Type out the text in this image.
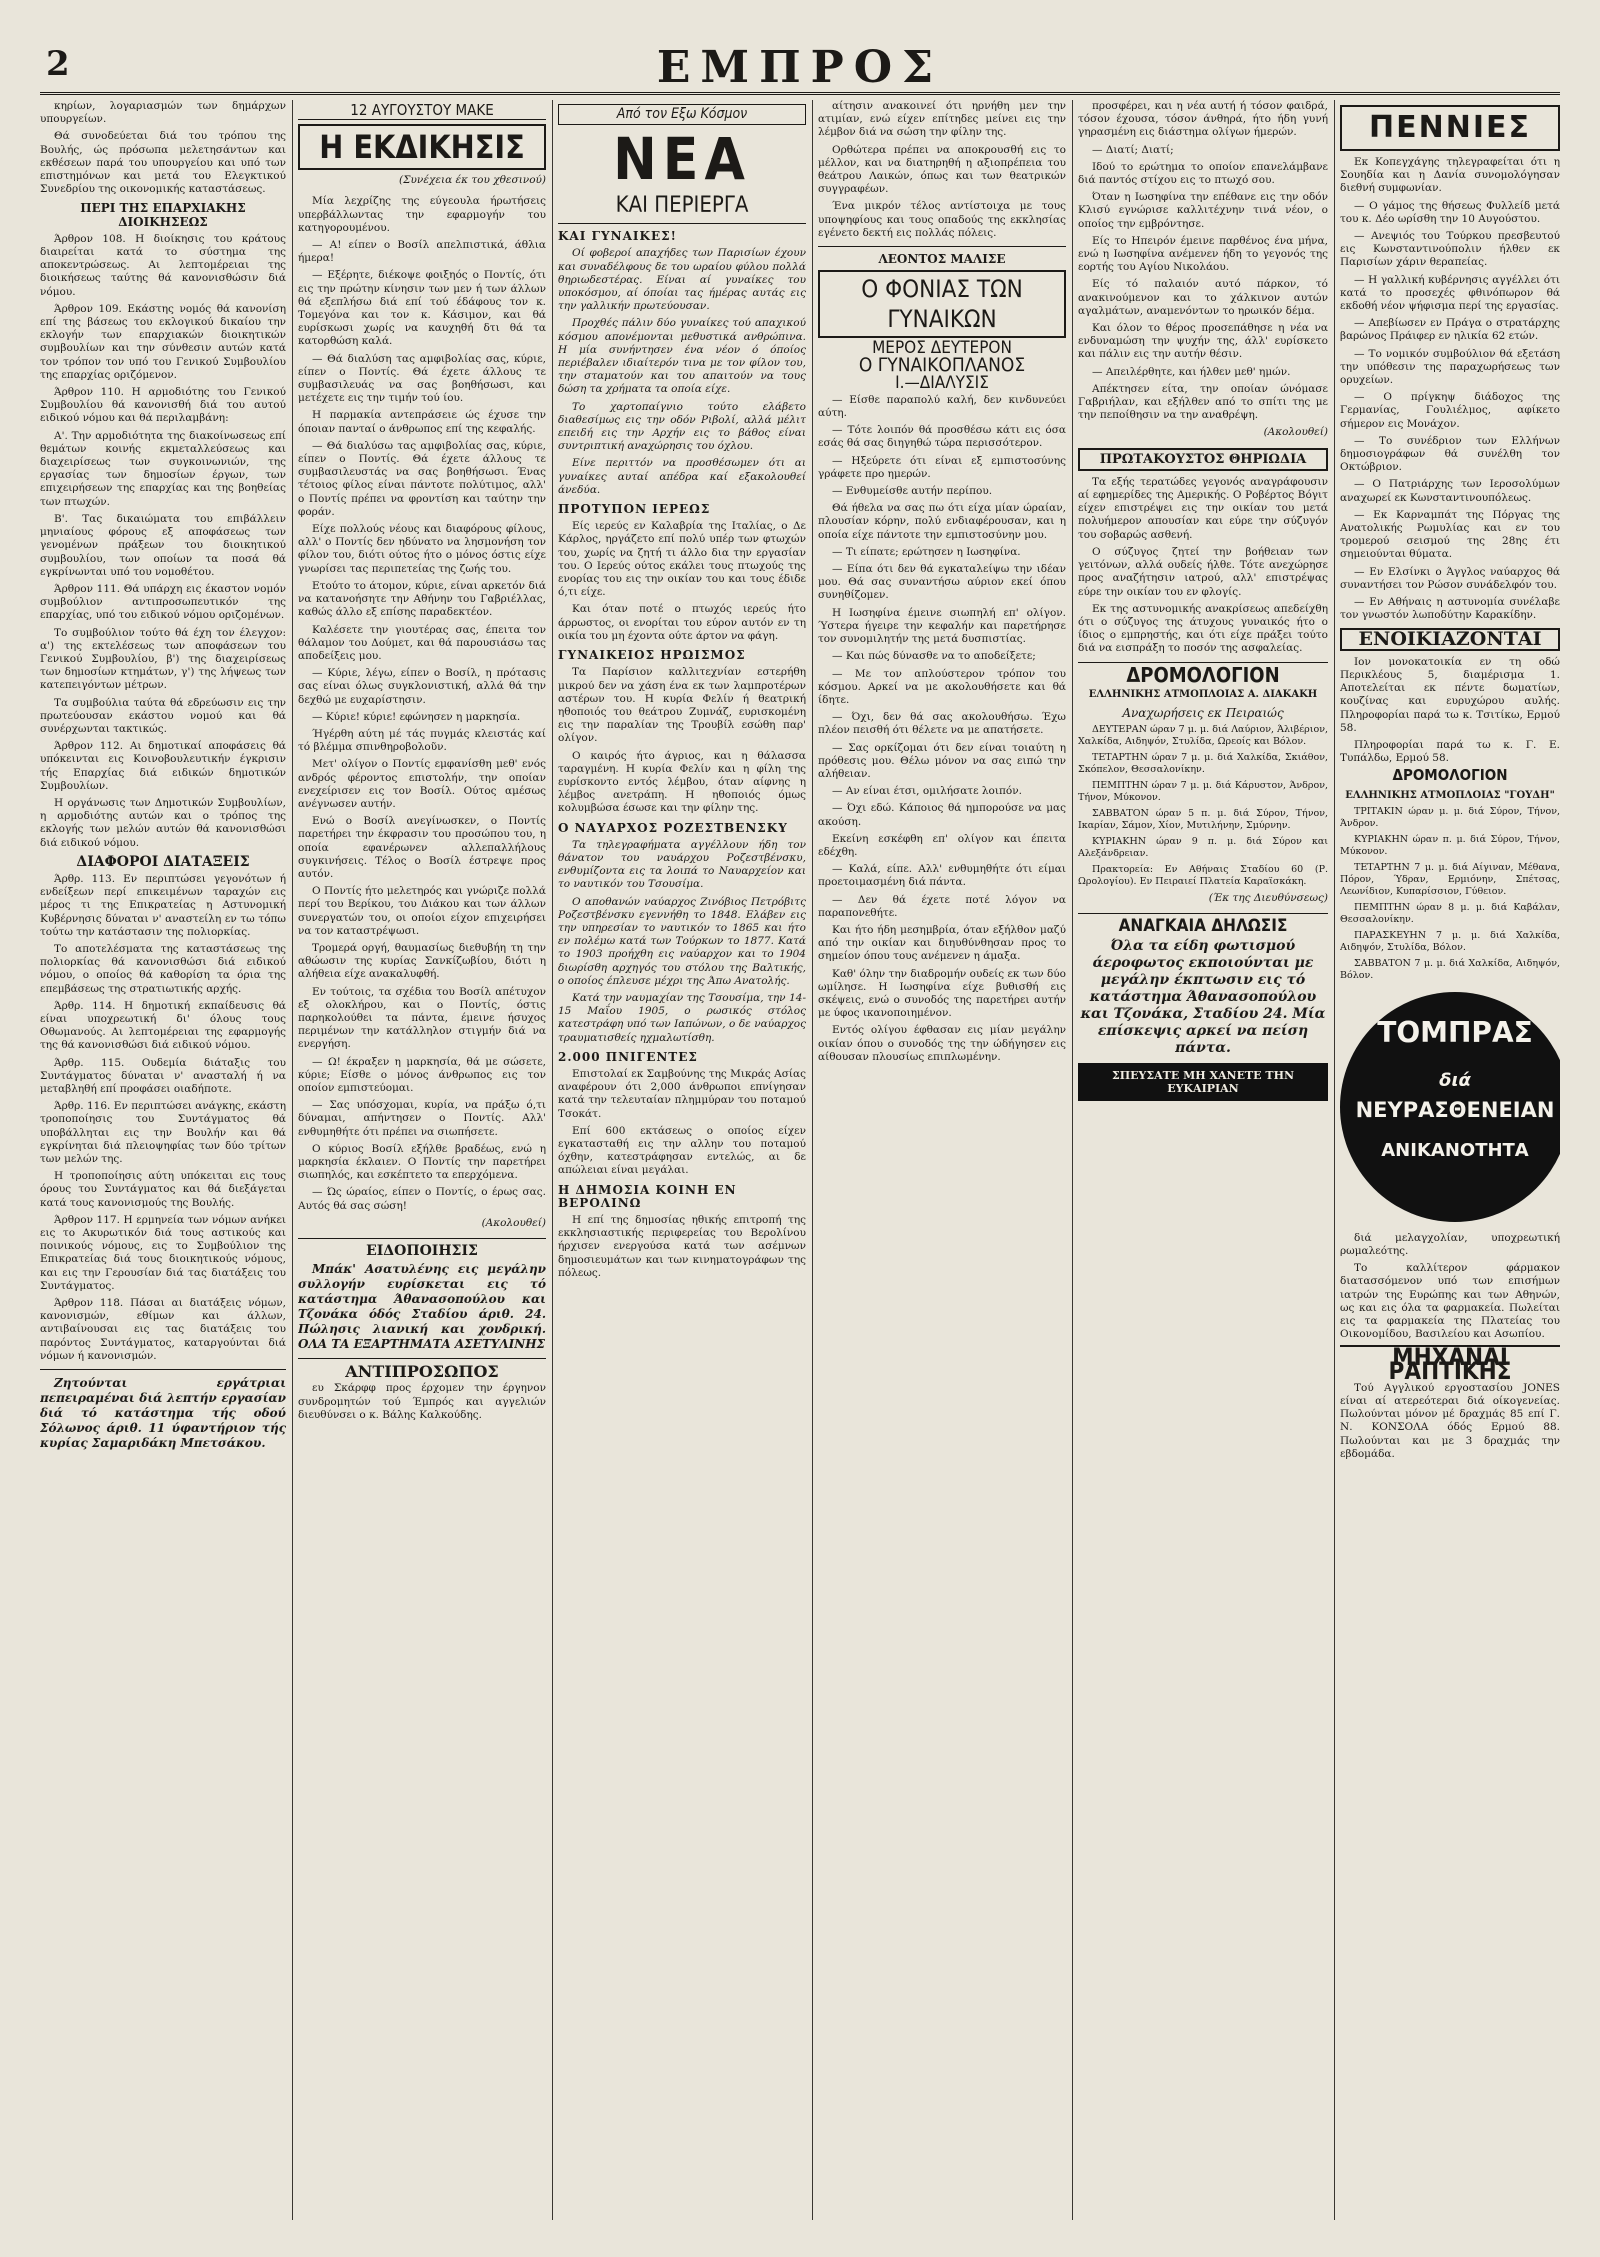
2	ΕΜΠΡΟΣ

κηρίων, λογαριασμών των δημάρχων υπουργείων.

Θά συνοδεύεται διά του τρόπου της Βουλής, ώς πρόσωπα μελετησάντων και εκθέσεων παρά του υπουργείου και υπό των επιστημόνων και μετά του Ελεγκτικού Συνεδρίου της οικονομικής καταστάσεως.

ΠΕΡΙ ΤΗΣ ΕΠΑΡΧΙΑΚΗΣ ΔΙΟΙΚΗΣΕΩΣ

Άρθρον 108. Η διοίκησις του κράτους διαιρείται κατά το σύστημα της αποκεντρώσεως. Αι λεπτομέρειαι της διοικήσεως ταύτης θά κανονισθώσιν διά νόμου.

Άρθρον 109. Εκάστης νομός θά κανονίση επί της βάσεως του εκλογικού δικαίου την εκλογήν των επαρχιακών διοικητικών συμβουλίων και την σύνθεσιν αυτών κατά τον τρόπον τον υπό του Γενικού Συμβουλίου της επαρχίας οριζόμενον.

Άρθρον 110. Η αρμοδιότης του Γενικού Συμβουλίου θά κανονισθή διά του αυτού ειδικού νόμου και θά περιλαμβάνη:

Α'. Την αρμοδιότητα της διακοίνωσεως επί θεμάτων κοινής εκμεταλλεύσεως και διαχειρίσεως των συγκοινωνιών, της εργασίας των δημοσίων έργων, των επιχειρήσεων της επαρχίας και της βοηθείας των πτωχών.

Β'. Τας δικαιώματα του επιβάλλειν μηνιαίους φόρους εξ αποφάσεως των γενομένων πράξεων του διοικητικού συμβουλίου, των οποίων τα ποσά θά εγκρίνωνται υπό του νομοθέτου.

Άρθρον 111. Θά υπάρχη εις έκαστον νομόν συμβούλιον αντιπροσωπευτικόν της επαρχίας, υπό του ειδικού νόμου οριζομένων.

Το συμβούλιον τούτο θά έχη τον έλεγχον: α') της εκτελέσεως των αποφάσεων του Γενικού Συμβουλίου, β') της διαχειρίσεως των δημοσίων κτημάτων, γ') της λήψεως των κατεπειγόντων μέτρων.

Τα συμβούλια ταύτα θά εδρεύωσιν εις την πρωτεύουσαν εκάστου νομού και θά συνέρχωνται τακτικώς.

Άρθρον 112. Αι δημοτικαί αποφάσεις θά υπόκεινται εις Κοινοβουλευτικήν έγκρισιν τής Επαρχίας διά ειδικών δημοτικών Συμβουλίων.

Η οργάνωσις των Δημοτικών Συμβουλίων, η αρμοδιότης αυτών και ο τρόπος της εκλογής των μελών αυτών θά κανονισθώσι διά ειδικού νόμου.

ΔΙΑΦΟΡΟΙ ΔΙΑΤΑΞΕΙΣ

Άρθρ. 113. Εν περιπτώσει γεγονότων ή ενδείξεων περί επικειμένων ταραχών εις μέρος τι της Επικρατείας η Αστυνομική Κυβέρνησις δύναται ν' αναστείλη εν τω τόπω τούτω την κατάστασιν της πολιορκίας.

Το αποτελέσματα της καταστάσεως της πολιορκίας θά κανονισθώσι διά ειδικού νόμου, ο οποίος θά καθορίση τα όρια της επεμβάσεως της στρατιωτικής αρχής.

Άρθρ. 114. Η δημοτική εκπαίδευσις θά είναι υποχρεωτική δι' όλους τους Οθωμανούς. Αι λεπτομέρειαι της εφαρμογής της θά κανονισθώσι διά ειδικού νόμου.

Άρθρ. 115. Ουδεμία διάταξις του Συντάγματος δύναται ν' ανασταλή ή να μεταβληθή επί προφάσει οιαδήποτε.

Άρθρ. 116. Εν περιπτώσει ανάγκης, εκάστη τροποποίησις του Συντάγματος θά υποβάλληται εις την Βουλήν και θά εγκρίνηται διά πλειοψηφίας των δύο τρίτων των μελών της.

Η τροποποίησις αύτη υπόκειται εις τους όρους του Συντάγματος και θά διεξάγεται κατά τους κανονισμούς της Βουλής.

Άρθρον 117. Η ερμηνεία των νόμων ανήκει εις το Ακυρωτικόν διά τους αστικούς και ποινικούς νόμους, εις το Συμβούλιον της Επικρατείας διά τους διοικητικούς νόμους, και εις την Γερουσίαν διά τας διατάξεις του Συντάγματος.

Άρθρον 118. Πάσαι αι διατάξεις νόμων, κανονισμών, εθίμων και άλλων, αντιβαίνουσαι εις τας διατάξεις του παρόντος Συντάγματος, καταργούνται διά νόμων ή κανονισμών.

Ζητούνται εργάτριαι πεπειραμέναι διά λεπτήν εργασίαν διά τό κατάστημα τής οδού Σόλωνος άριθ. 11 ύφαντήριον τής κυρίας Σαμαριδάκη Μπετσάκου.

12 ΑΥΓΟΥΣΤΟΥ ΜΑΚΕ

Η ΕΚΔΙΚΗΣΙΣ

(Συνέχεια έκ του χθεσινού)

Μία λεχρίζης της εύγεουλα ήρωτήσεις υπερβάλλωντας την εφαρμογήν του κατηγορουμένου.

— Α! είπεν ο Βοσίλ απελπιστικά, άθλια ήμερα!

— Εξέρητε, διέκοψε φοιξηός ο Ποντίς, ότι εις την πρώτην κίνησιν των μεν ή των άλλων θά εξεπλήσω διά επί τού έδάφους τον κ. Τομεγόνα και τον κ. Κάσιμον, και θά ευρίσκωσι χωρίς να καυχηθή δτι θά τα κατορθώση καλά.

— Θά διαλύση τας αμφιβολίας σας, κύριε, είπεν ο Ποντίς. Θά έχετε άλλους τε συμβασιλευάς να σας βοηθήσωσι, και μετέχετε εις την τιμήν τού ίου.

Η παρμακία αντεπράσειε ώς έχυσε την όποιαν πανταί ο άνθρωπος επί της κεφαλής.

— Θά διαλύσω τας αμφιβολίας σας, κύριε, είπεν ο Ποντίς. Θά έχετε άλλους τε συμβασιλευστάς να σας βοηθήσωσι. Ένας τέτοιος φίλος είναι πάντοτε πολύτιμος, αλλ' ο Ποντίς πρέπει να φροντίση και ταύτην την φοράν.

Είχε πολλούς νέους και διαφόρους φίλους, αλλ' ο Ποντίς δεν ηδύνατο να λησμονήση τον φίλον του, διότι ούτος ήτο ο μόνος όστις είχε γνωρίσει τας περιπετείας της ζωής του.

Ετούτο το άτομον, κύριε, είναι αρκετόν διά να κατανοήσητε την Αθήνην του Γαβριέλλας, καθώς άλλο εξ επίσης παραδεκτέον.

Καλέσετε την γιουτέρας σας, έπειτα τον θάλαμον του Δούμετ, και θά παρουσιάσω τας αποδείξεις μου.

— Κύριε, λέγω, είπεν ο Βοσίλ, η πρότασις σας είναι όλως συγκλονιστική, αλλά θά την δεχθώ με ευχαρίστησιν.

— Κύριε! κύριε! εφώνησεν η μαρκησία.

Ήγέρθη αύτη μέ τάς πυγμάς κλειστάς καί τό βλέμμα σπινθηροβολοῦν.

Μετ' ολίγον ο Ποντίς εμφανίσθη μεθ' ενός ανδρός φέροντος επιστολήν, την οποίαν ενεχείρισεν εις τον Βοσίλ. Ούτος αμέσως ανέγνωσεν αυτήν.

Ενώ ο Βοσίλ ανεγίνωσκεν, ο Ποντίς παρετήρει την έκφρασιν του προσώπου του, η οποία εφανέρωνεν αλλεπαλλήλους συγκινήσεις. Τέλος ο Βοσίλ έστρεψε προς αυτόν.

Ο Ποντίς ήτο μελετηρός και γνώριζε πολλά περί του Βερίκου, του Διάκου και των άλλων συνεργατών του, οι οποίοι είχον επιχειρήσει να τον καταστρέψωσι.

Τρομερά οργή, θαυμασίως διεθυβήη τη την αθώωσιν της κυρίας Σανκίζωβίου, διότι η αλήθεια είχε ανακαλυφθή.

Εν τούτοις, τα σχέδια του Βοσίλ απέτυχον εξ ολοκλήρου, και ο Ποντίς, όστις παρηκολούθει τα πάντα, έμεινε ήσυχος περιμένων την κατάλληλον στιγμήν διά να ενεργήση.

— Ω! έκραξεν η μαρκησία, θά με σώσετε, κύριε; Είσθε ο μόνος άνθρωπος εις τον οποίον εμπιστεύομαι.

— Σας υπόσχομαι, κυρία, να πράξω ό,τι δύναμαι, απήντησεν ο Ποντίς. Αλλ' ενθυμηθήτε ότι πρέπει να σιωπήσετε.

Ο κύριος Βοσίλ εξήλθε βραδέως, ενώ η μαρκησία έκλαιεν. Ο Ποντίς την παρετήρει σιωπηλός, και εσκέπτετο τα επερχόμενα.

— Ώς ώραίος, είπεν ο Ποντίς, ο έρως σας. Αυτός θά σας σώση!

(Ακολουθεί)

ΕΙΔΟΠΟΙΗΣΙΣ

Μπάκ' Ασατυλένης εις μεγάλην συλλογήν ευρίσκεται εις τό κατάστημα Άθανασοπούλου και Τζονάκα όδός Σταδίου άριθ. 24. Πώλησις λιανική και χονδρική. ΟΛΑ ΤΑ ΕΞΑΡΤΗΜΑΤΑ ΑΣΕΤΥΛΙΝΗΣ

ΑΝΤΙΠΡΟΣΩΠΟΣ

ευ Σκάρφφ προς έρχομεν την έργηνον συνδρομητών τού Έμπρός και αγγελιών διευθύνσει ο κ. Βάλης Καλκούδης.

Από τον Εξω Κόσμον

ΝΕΑ

ΚΑΙ ΠΕΡΙΕΡΓΑ

ΚΑΙ ΓΥΝΑΙΚΕΣ!

Οί φοβεροί απαχήδες των Παρισίων έχουν και συναδέλφους δε του ωραίου φύλου πολλά θηριωδεστέρας. Είναι αί γυναίκες του υποκόσμου, αί όποίαι τας ήμέρας αυτάς εις την γαλλικήν πρωτεύουσαν.

Προχθές πάλιν δύο γυναίκες τού απαχικού κόσμου απονέμονται μεθυστικά ανθρώπινα. Η μία συνήντησεν ένα νέον ό όποίος περιέβαλεν ιδιαίτερόν τινα με τον φίλον του, την σταματούν και του απαιτούν να τους δώση τα χρήματα τα οποία είχε.

Το χαρτοπαίγνιο τούτο ελάβετο διαθεσίμως εις την οδόν Ριβολί, αλλά μέλιτ επειδή εις την Αρχήν εις το βάθος είναι συντριπτική αναχώρησις του όχλου.

Είνε περιττόν να προσθέσωμεν ότι αι γυναίκες αυταί απέδρα καί εξακολουθεί άνεδύα.

ΠΡΟΤΥΠΟΝ ΙΕΡΕΩΣ

Είς ιερεύς εν Καλαβρία της Ιταλίας, ο Δε Κάρλος, ηργάζετο επί πολύ υπέρ των φτωχών του, χωρίς να ζητή τι άλλο δια την εργασίαν του. Ο Ιερεύς ούτος εκάλει τους πτωχούς της ενορίας του εις την οικίαν του και τους έδιδε ό,τι είχε.

Και όταν ποτέ ο πτωχός ιερεύς ήτο άρρωστος, οι ενορίται του εύρον αυτόν εν τη οικία του μη έχοντα ούτε άρτον να φάγη.

ΓΥΝΑΙΚΕΙΟΣ ΗΡΩΙΣΜΟΣ

Τα Παρίσιον καλλιτεχνίαν εστερήθη μικρού δεν να χάση ένα εκ των λαμπροτέρων αστέρων του. Η κυρία Φελίν ή θεατρική ηθοποιός του θεάτρου Ζυμνάζ, ευρισκομένη εις την παραλίαν της Τρουβίλ εσώθη παρ' ολίγον.

Ο καιρός ήτο άγριος, και η θάλασσα ταραγμένη. Η κυρία Φελίν και η φίλη της ευρίσκοντο εντός λέμβου, όταν αίφνης η λέμβος ανετράπη. Η ηθοποιός όμως κολυμβώσα έσωσε και την φίλην της.

Ο ΝΑΥΑΡΧΟΣ ΡΟΖΕΣΤΒΕΝΣΚΥ

Τα τηλεγραφήματα αγγέλλουν ήδη τον θάνατον του ναυάρχου Ροζεστβένσκυ, ενθυμίζοντα εις τα λοιπά το Ναυαρχείον και το ναυτικόν του Τσουσίμα.

Ο αποθανών ναύαρχος Ζινόβιος Πετρόβιτς Ροζεστβένσκυ εγεννήθη το 1848. Ελάβεν εις την υπηρεσίαν το ναυτικόν το 1865 και ήτο εν πολέμω κατά των Τούρκων το 1877. Κατά το 1903 προήχθη εις ναύαρχον και το 1904 διωρίσθη αρχηγός του στόλου της Βαλτικής, ο οποίος έπλευσε μέχρι της Άπω Ανατολής.

Κατά την ναυμαχίαν της Τσουσίμα, την 14-15 Μαΐου 1905, ο ρωσικός στόλος κατεστράφη υπό των Ιαπώνων, ο δε ναύαρχος τραυματισθείς ηχμαλωτίσθη.

2.000 ΠΝΙΓΕΝΤΕΣ

Επιστολαί εκ Σαμβούνης της Μικράς Ασίας αναφέρουν ότι 2,000 άνθρωποι επνίγησαν κατά την τελευταίαν πλημμύραν του ποταμού Τσοκάτ.

Επί 600 εκτάσεως ο οποίος είχεν εγκατασταθή εις την αλλην του ποταμού όχθην, κατεστράφησαν εντελώς, αι δε απώλειαι είναι μεγάλαι.

Η ΔΗΜΟΣΙΑ ΚΟΙΝΗ ΕΝ ΒΕΡΟΛΙΝΩ

Η επί της δημοσίας ηθικής επιτροπή της εκκλησιαστικής περιφερείας του Βερολίνου ήρχισεν ενεργούσα κατά των ασέμνων δημοσιευμάτων και των κινηματογράφων της πόλεως.

αίτησιν ανακοινεί ότι ηρνήθη μεν την ατιμίαν, ενώ είχεν επίτηδες μείνει εις την λέμβον διά να σώση την φίλην της.

Ορθώτερα πρέπει να αποκρουσθή εις το μέλλον, και να διατηρηθή η αξιοπρέπεια του θεάτρου Λαικών, όπως και των θεατρικών συγγραφέων.

Ένα μικρόν τέλος αντίστοιχα με τους υποψηφίους και τους οπαδούς της εκκλησίας εγένετο δεκτή εις πολλάς πόλεις.

ΛΕΟΝΤΟΣ ΜΑΛΙΣΕ

Ο ΦΟΝΙΑΣ ΤΩΝ ΓΥΝΑΙΚΩΝ

ΜΕΡΟΣ ΔΕΥΤΕΡΟΝ

Ο ΓΥΝΑΙΚΟΠΛΑΝΟΣ

I.—ΔΙΑΛΥΣΙΣ

— Είσθε παραπολύ καλή, δεν κινδυνεύει αύτη.

— Τότε λοιπόν θά προσθέσω κάτι εις όσα εσάς θά σας διηγηθώ τώρα περισσότερον.

— Ηξεύρετε ότι είναι εξ εμπιστοσύνης γράφετε προ ημερών.

— Ενθυμείσθε αυτήν περίπου.

Θά ήθελα να σας πω ότι είχα μίαν ώραίαν, πλουσίαν κόρην, πολύ ενδιαφέρουσαν, και η οποία είχε πάντοτε την εμπιστοσύνην μου.

— Τι είπατε; ερώτησεν η Ιωσηφίνα.

— Είπα ότι δεν θά εγκαταλείψω την ιδέαν μου. Θά σας συναντήσω αύριον εκεί όπου συνηθίζομεν.

Η Ιωσηφίνα έμεινε σιωπηλή επ' ολίγον. Ύστερα ήγειρε την κεφαλήν και παρετήρησε τον συνομιλητήν της μετά δυσπιστίας.

— Και πώς δύνασθε να το αποδείξετε;

— Με τον απλούστερον τρόπον του κόσμου. Αρκεί να με ακολουθήσετε και θά ίδητε.

— Όχι, δεν θά σας ακολουθήσω. Έχω πλέον πεισθή ότι θέλετε να με απατήσετε.

— Σας ορκίζομαι ότι δεν είναι τοιαύτη η πρόθεσις μου. Θέλω μόνον να σας ειπώ την αλήθειαν.

— Αν είναι έτσι, ομιλήσατε λοιπόν.

— Όχι εδώ. Κάποιος θά ημπορούσε να μας ακούση.

Εκείνη εσκέφθη επ' ολίγον και έπειτα εδέχθη.

— Καλά, είπε. Αλλ' ενθυμηθήτε ότι είμαι προετοιμασμένη διά πάντα.

— Δεν θά έχετε ποτέ λόγον να παραπονεθήτε.

Και ήτο ήδη μεσημβρία, όταν εξήλθον μαζύ από την οικίαν και διηυθύνθησαν προς το σημείον όπου τους ανέμενεν η άμαξα.

Καθ' όλην την διαδρομήν ουδείς εκ των δύο ωμίλησε. Η Ιωσηφίνα είχε βυθισθή εις σκέψεις, ενώ ο συνοδός της παρετήρει αυτήν με ύφος ικανοποιημένον.

Εντός ολίγου έφθασαν εις μίαν μεγάλην οικίαν όπου ο συνοδός της την ώδήγησεν εις αίθουσαν πλουσίως επιπλωμένην.

προσφέρει, και η νέα αυτή ή τόσον φαιδρά, τόσον έχουσα, τόσον άνθηρά, ήτο ήδη γυνή γηρασμένη εις διάστημα ολίγων ήμερών.

— Διατί; Διατί;

Ιδού το ερώτημα το οποίον επανελάμβανε διά παντός στίχου εις το πτωχό σου.

Όταν η Ιωσηφίνα την επέθανε εις την οδόν Κλισύ εγνώρισε καλλιτέχνην τινά νέον, ο οποίος την εμβρόντησε.

Είς το Ηπειρόν έμεινε παρθένος ένα μήνα, ενώ η Ιωσηφίνα ανέμενεν ήδη το γεγονός της εορτής του Αγίου Νικολάου.

Είς τό παλαιόν αυτό πάρκον, τό ανακινούμενον και το χάλκινον αυτών αγαλμάτων, αναμενόντων το ηρωικόν δέμα.

Και όλον το θέρος προσεπάθησε η νέα να ενδυναμώση την ψυχήν της, άλλ' ευρίσκετο και πάλιν εις την αυτήν θέσιν.

— Απειλέρθητε, και ήλθεν μεθ' ημών.

Απέκτησεν είτα, την οποίαν ώνόμασε Γαβριήλαν, και εξήλθεν από το σπίτι της με την πεποίθησιν να την αναθρέψη.

(Ακολουθεί)

ΠΡΩΤΑΚΟΥΣΤΟΣ ΘΗΡΙΩΔΙΑ

Τα εξής τερατώδες γεγονός αναγράφουσιν αί εφημερίδες της Αμερικής. Ο Ροβέρτος Βόγιτ είχεν επιστρέψει εις την οικίαν του μετά πολυήμερον απουσίαν και εύρε την σύζυγόν του σοβαρώς ασθενή.

Ο σύζυγος ζητεί την βοήθειαν των γειτόνων, αλλά ουδείς ήλθε. Τότε ανεχώρησε προς αναζήτησιν ιατρού, αλλ' επιστρέψας εύρε την οικίαν του εν φλογίς.

Εκ της αστυνομικής ανακρίσεως απεδείχθη ότι ο σύζυγος της άτυχους γυναικός ήτο ο ίδιος ο εμπρηστής, και ότι είχε πράξει τούτο διά να εισπράξη το ποσόν της ασφαλείας.

ΔΡΟΜΟΛΟΓΙΟΝ

ΕΛΛΗΝΙΚΗΣ ΑΤΜΟΠΛΟΙΑΣ Α. ΔΙΑΚΑΚΗ

Αναχωρήσεις εκ Πειραιώς

ΔΕΥΤΕΡΑΝ ώραν 7 μ. μ. διά Λαύριον, Άλιβέριον, Χαλκίδα, Αιδηψόν, Στυλίδα, Ωρεοίς και Βόλον.

ΤΕΤΑΡΤΗΝ ώραν 7 μ. μ. διά Χαλκίδα, Σκιάθον, Σκόπελον, Θεσσαλονίκην.

ΠΕΜΠΤΗΝ ώραν 7 μ. μ. διά Κάρυστον, Άνδρον, Τήνον, Μύκονον.

ΣΑΒΒΑΤΟΝ ώραν 5 π. μ. διά Σύρον, Τήνον, Ικαρίαν, Σάμον, Χίον, Μυτιλήνην, Σμύρνην.

ΚΥΡΙΑΚΗΝ ώραν 9 π. μ. διά Σύρον και Αλεξάνδρειαν.

Πρακτορεία: Εν Αθήναις Σταδίου 60 (Ρ. Ωρολογίου). Εν Πειραιεί Πλατεία Καραϊσκάκη.

(Έκ της Διευθύνσεως)

ΑΝΑΓΚΑΙΑ ΔΗΛΩΣΙΣ

Όλα τα είδη φωτισμού άεροφωτος εκποιούνται με μεγάλην έκπτωσιν εις τό κατάστημα Άθανασοπούλου και Τζονάκα, Σταδίου 24. Μία επίσκεψις αρκεί να πείση πάντα.

ΣΠΕΥΣΑΤΕ ΜΗ ΧΑΝΕΤΕ ΤΗΝ ΕΥΚΑΙΡΙΑΝ

ΠΕΝΝΙΕΣ

Εκ Κοπεγχάγης τηλεγραφείται ότι η Σουηδία και η Δανία συνομολόγησαν διεθνή συμφωνίαν.

— Ο γάμος της θήσεως Φυλλείδ μετά του κ. Δέο ωρίσθη την 10 Αυγούστου.

— Ανεψιός του Τούρκου πρεσβευτού εις Κωνσταντινούπολιν ήλθεν εκ Παρισίων χάριν θεραπείας.

— Η γαλλική κυβέρνησις αγγέλλει ότι κατά το προσεχές φθινόπωρον θά εκδοθή νέον ψήφισμα περί της εργασίας.

— Απεβίωσεν εν Πράγα ο στρατάρχης βαρώνος Πράιφερ εν ηλικία 62 ετών.

— Το νομικόν συμβούλιον θά εξετάση την υπόθεσιν της παραχωρήσεως των ορυχείων.

— Ο πρίγκηψ διάδοχος της Γερμανίας, Γουλιέλμος, αφίκετο σήμερον εις Μονάχον.

— Το συνέδριον των Ελλήνων δημοσιογράφων θά συνέλθη τον Οκτώβριον.

— Ο Πατριάρχης των Ιεροσολύμων αναχωρεί εκ Κωνσταντινουπόλεως.

— Εκ Καρναμπάτ της Πόργας της Ανατολικής Ρωμυλίας και εν του τρομερού σεισμού της 28ης έτι σημειούνται θύματα.

— Εν Ελσίνκι ο Άγγλος ναύαρχος θά συναντήσει τον Ρώσον συνάδελφόν του.

— Εν Αθήναις η αστυνομία συνέλαβε τον γνωστόν λωποδύτην Καρακίδην.

ΕΝΟΙΚΙΑΖΟΝΤΑΙ

Ιον μονοκατοικία εν τη οδώ Περικλέους 5, διαμέρισμα 1. Αποτελείται εκ πέντε δωματίων, κουζίνας και ευρυχώρου αυλής. Πληροφορίαι παρά τω κ. Τσιτίκω, Ερμού 58.

Πληροφορίαι παρά τω κ. Γ. Ε. Τυπάλδω, Ερμού 58.

ΔΡΟΜΟΛΟΓΙΟΝ

ΕΛΛΗΝΙΚΗΣ ΑΤΜΟΠΛΟΙΑΣ "ΓΟΥΔΗ"

ΤΡΙΤΑΚΙΝ ώραν μ. μ. διά Σύρον, Τήνον, Άνδρον.

ΚΥΡΙΑΚΗΝ ώραν π. μ. διά Σύρον, Τήνον, Μύκονον.

ΤΕΤΑΡΤΗΝ 7 μ. μ. διά Αίγιναν, Μέθανα, Πόρον, Ύδραν, Ερμιόνην, Σπέτσας, Λεωνίδιον, Κυπαρίσσιον, Γύθειον.

ΠΕΜΠΤΗΝ ώραν 8 μ. μ. διά Καβάλαν, Θεσσαλονίκην.

ΠΑΡΑΣΚΕΥΗΝ 7 μ. μ. διά Χαλκίδα, Αιδηψόν, Στυλίδα, Βόλον.

ΣΑΒΒΑΤΟΝ 7 μ. μ. διά Χαλκίδα, Αιδηψόν, Βόλον.

ΤΟΜΠΡΑΣ
διά
ΝΕΥΡΑΣΘΕΝΕΙΑΝ
ΑΝΙΚΑΝΟΤΗΤΑ

διά μελαγχολίαν, υποχρεωτική ρωμαλεότης.

Το καλλίτερον φάρμακον διατασσόμενον υπό των επισήμων ιατρών της Ευρώπης και των Αθηνών, ως και εις όλα τα φαρμακεία. Πωλείται εις τα φαρμακεία της Πλατείας του Οικονομίδου, Βασιλείου και Ασωπίου.

ΜΗΧΑΝΑΙ ΡΑΠΤΙΚΗΣ

Τού Αγγλικού εργοστασίου JONES είναι αί ατερεότεραι διά οίκογενείας. Πωλούνται μόνον μέ δραχμάς 85 επί Γ. Ν. ΚΟΝΣΟΛΑ όδός Ερμού 88. Πωλούνται και με 3 δραχμάς την εβδομάδα.
